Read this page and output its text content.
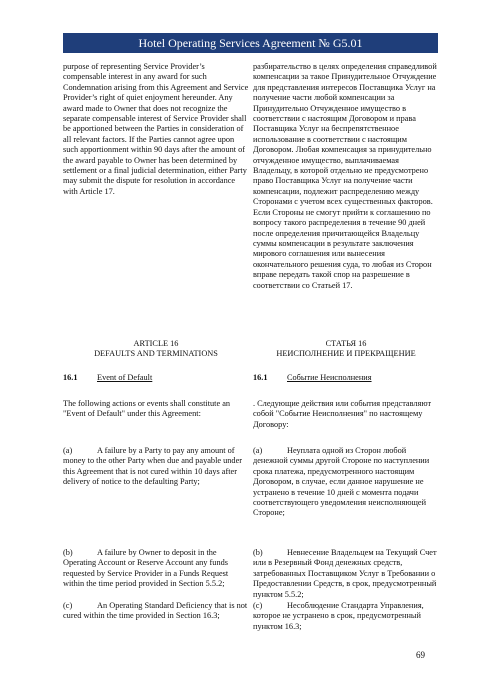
Hotel Operating Services Agreement № G5.01

purpose of representing Service Provider’s compensable interest in any award for such Condemnation arising from this Agreement and Service Provider’s right of quiet enjoyment hereunder. Any award made to Owner that does not recognize the separate compensable interest of Service Provider shall be apportioned between the Parties in consideration of all relevant factors. If the Parties cannot agree upon such apportionment within 90 days after the amount of the award payable to Owner has been determined by settlement or a final judicial determination, either Party may submit the dispute for resolution in accordance with Article 17.

разбирательство в целях определения справедливой компенсации за такое Принудительное Отчуждение для представления интересов Поставщика Услуг на получение части любой компенсации за Принудительно Отчужденное имущество в соответствии с настоящим Договором и права Поставщика Услуг на беспрепятственное использование в соответствии с настоящим Договором. Любая компенсация за принудительно отчужденное имущество, выплачиваемая Владельцу, в которой отдельно не предусмотрено право Поставщика Услуг на получение части компенсации, подлежит распределению между Сторонами с учетом всех существенных факторов. Если Стороны не смогут прийти к соглашению по вопросу такого распределения в течение 90 дней после определения причитающейся Владельцу суммы компенсации в результате заключения мирового соглашения или вынесения окончательного решения суда, то любая из Сторон вправе передать такой спор на разрешение в соответствии со Статьей 17.

ARTICLE 16
DEFAULTS AND TERMINATIONS
СТАТЬЯ 16
НЕИСПОЛНЕНИЕ И ПРЕКРАЩЕНИЕ
16.1 Event of Default	16.1 Событие Неисполнения

The following actions or events shall constitute an "Event of Default" under this Agreement:

. Следующие действия или события представляют собой "Событие Неисполнения" по настоящему Договору:

(a)	A failure by a Party to pay any amount of money to the other Party when due and payable under this Agreement that is not cured within 10 days after delivery of notice to the defaulting Party;

(a)	Неуплата одной из Сторон любой денежной суммы другой Стороне по наступлении срока платежа, предусмотренного настоящим Договором, в случае, если данное нарушение не устранено в течение 10 дней с момента подачи соответствующего уведомления неисполняющей Стороне;

(b)	A failure by Owner to deposit in the Operating Account or Reserve Account any funds requested by Service Provider in a Funds Request within the time period provided in Section 5.5.2;

(b)	Невнесение Владельцем на Текущий Счет или в Резервный Фонд денежных средств, затребованных Поставщиком Услуг в Требовании о Предоставлении Средств, в срок, предусмотренный пунктом 5.5.2;

(c)	An Operating Standard Deficiency that is not cured within the time provided in Section 16.3;

(c)	Несоблюдение Стандарта Управления, которое не устранено в срок, предусмотренный пунктом 16.3;

69
